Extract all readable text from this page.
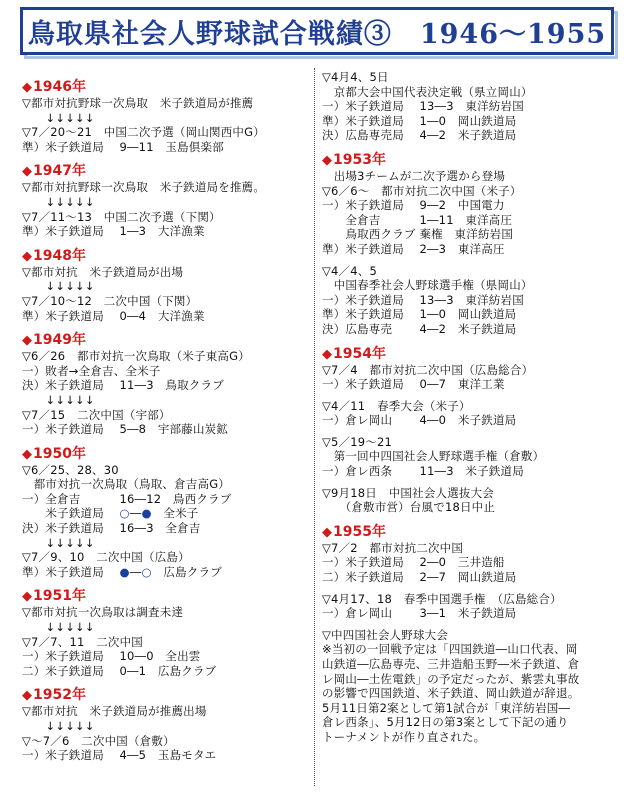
鳥取県社会人野球試合戦績③　1946～1955
◆1946年
▽都市対抗野球一次鳥取　米子鉄道局が推薦
　　↓↓↓↓↓
▽7／20～21　中国二次予選（岡山関西中G）
準）米子鉄道局　 9―11　玉島倶楽部
◆1947年
▽都市対抗野球一次鳥取　米子鉄道局を推薦。
　　↓↓↓↓↓
▽7／11～13　中国二次予選（下関）
準）米子鉄道局　 1―3　大洋漁業
◆1948年
▽都市対抗　米子鉄道局が出場
　　↓↓↓↓↓
▽7／10～12　二次中国（下関）
準）米子鉄道局　 0―4　大洋漁業
◆1949年
▽6／26　都市対抗一次鳥取（米子東高G）
一）敗者→全倉吉、全米子
決）米子鉄道局　 11―3　鳥取クラブ
　　↓↓↓↓↓
▽7／15　二次中国（宇部）
一）米子鉄道局　 5―8　宇部藤山炭鉱
◆1950年
▽6／25、28、30
　都市対抗一次鳥取（鳥取、倉吉高G）
一）全倉吉　　　 16―12　鳥西クラブ
　　米子鉄道局　 ○―●　 全米子
決）米子鉄道局　 16―3　全倉吉
　　↓↓↓↓↓
▽7／9、10　二次中国（広島）
準）米子鉄道局　 ●―○　 広島クラブ
◆1951年
▽都市対抗一次鳥取は調査未達
　　↓↓↓↓↓
▽7／7、11　二次中国
一）米子鉄道局　 10―0　全出雲
二）米子鉄道局　 0―1　広島クラブ
◆1952年
▽都市対抗　米子鉄道局が推薦出場
　　↓↓↓↓↓
▽～7／6　二次中国（倉敷）
一）米子鉄道局　 4―5　玉島モタエ
▽4月4、5日
　京都大会中国代表決定戦（県立岡山）
一）米子鉄道局　 13―3　東洋紡岩国
準）米子鉄道局　 1―0　岡山鉄道局
決）広島専売局　 4―2　米子鉄道局
◆1953年
　出場3チームが二次予選から登場
▽6／6～　都市対抗二次中国（米子）
一）米子鉄道局　 9―2　中国電力
　　全倉吉　　　 1―11　東洋高圧
　　鳥取西クラブ 棄権　東洋紡岩国
準）米子鉄道局　 2―3　東洋高圧
▽4／4、5
　中国春季社会人野球選手権（県岡山）
一）米子鉄道局　 13―3　東洋紡岩国
準）米子鉄道局　 1―0　岡山鉄道局
決）広島専売　　 4―2　米子鉄道局
◆1954年
▽7／4　都市対抗二次中国（広島総合）
一）米子鉄道局　 0―7　東洋工業
▽4／11　春季大会（米子）
一）倉レ岡山　　 4―0　米子鉄道局
▽5／19～21
　第一回中四国社会人野球選手権（倉敷）
一）倉レ西条　　 11―3　米子鉄道局
▽9月18日　中国社会人選抜大会
　　（倉敷市営）台風で18日中止
◆1955年
▽7／2　都市対抗二次中国
一）米子鉄道局　 2―0　三井造船
二）米子鉄道局　 2―7　岡山鉄道局
▽4月17、18　春季中国選手権　（広島総合）
一）倉レ岡山　　 3―1　米子鉄道局
▽中四国社会人野球大会
※当初の一回戦予定は「四国鉄道―山口代表、岡
山鉄道―広島専売、三井造船玉野―米子鉄道、倉
レ岡山―土佐電鉄」の予定だったが、紫雲丸事故
の影響で四国鉄道、米子鉄道、岡山鉄道が辞退。
5月11日第2案として第1試合が「東洋紡岩国―
倉レ西条」、5月12日の第3案として下記の通り
トーナメントが作り直された。
